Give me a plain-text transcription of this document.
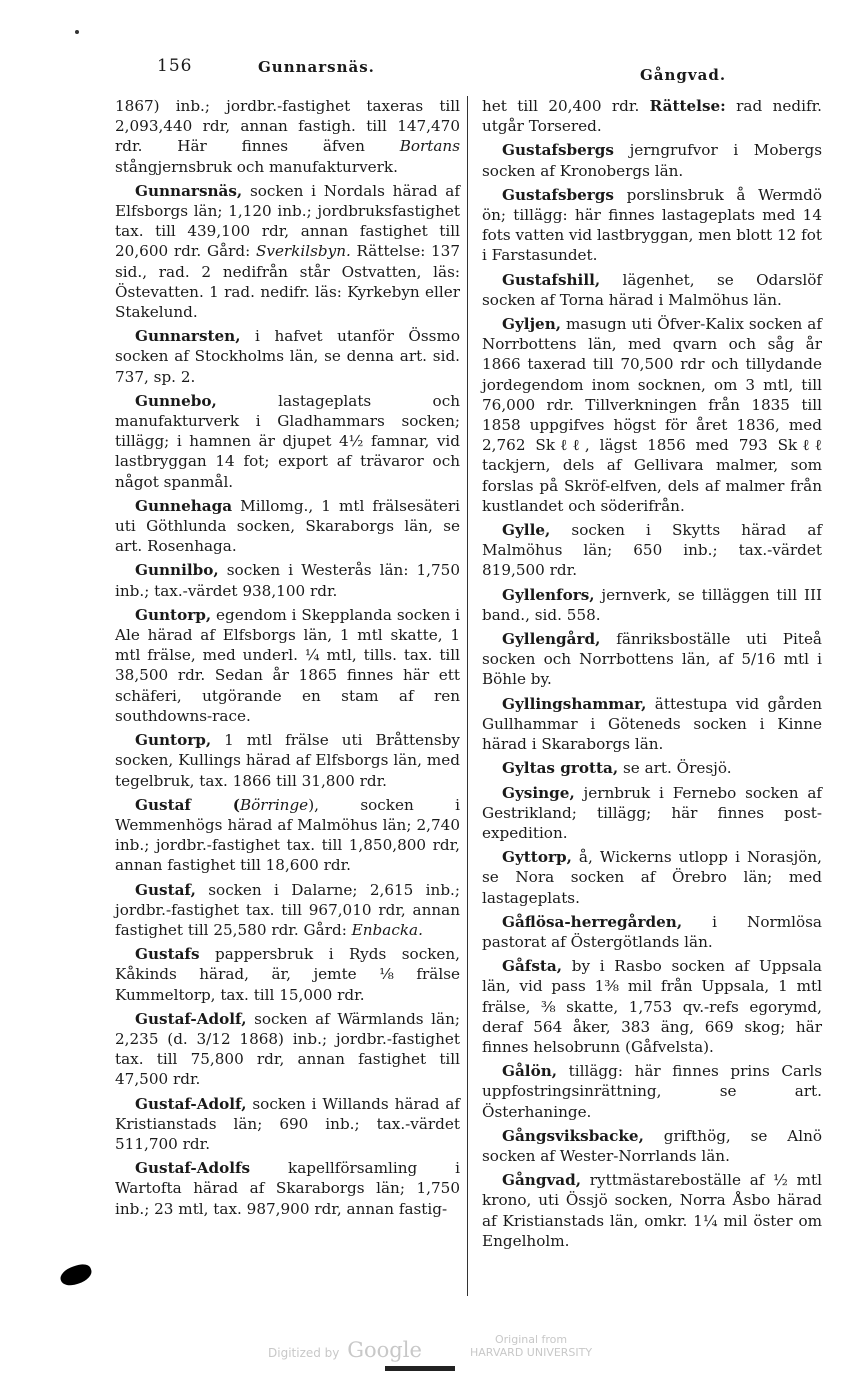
156	Gunnarsnäs.	Gångvad.

1867) inb.; jordbr.-fastighet taxeras till 2,093,440 rdr, annan fastigh. till 147,470 rdr. Här finnes äfven Bortans stångjernsbruk och manufakturverk.

Gunnarsnäs, socken i Nordals härad af Elfsborgs län; 1,120 inb.; jordbruksfastighet tax. till 439,100 rdr, annan fastighet till 20,600 rdr. Gård: Sverkilsbyn. Rättelse: 137 sid., rad. 2 nedifrån står Ostvatten, läs: Östevatten. 1 rad. nedifr. läs: Kyrkebyn eller Stakelund.

Gunnarsten, i hafvet utanför Össmo socken af Stockholms län, se denna art. sid. 737, sp. 2.

Gunnebo, lastageplats och manufakturverk i Gladhammars socken; tillägg; i hamnen är djupet 4½ famnar, vid lastbryggan 14 fot; export af trävaror och något spanmål.

Gunnehaga Millomg., 1 mtl frälsesäteri uti Göthlunda socken, Skaraborgs län, se art. Rosenhaga.

Gunnilbo, socken i Westerås län: 1,750 inb.; tax.-värdet 938,100 rdr.

Guntorp, egendom i Skepplanda socken i Ale härad af Elfsborgs län, 1 mtl skatte, 1 mtl frälse, med underl. ¼ mtl, tills. tax. till 38,500 rdr. Sedan år 1865 finnes här ett schäferi, utgörande en stam af ren southdowns-race.

Guntorp, 1 mtl frälse uti Bråttensby socken, Kullings härad af Elfsborgs län, med tegelbruk, tax. 1866 till 31,800 rdr.

Gustaf (Börringe), socken i Wemmenhögs härad af Malmöhus län; 2,740 inb.; jordbr.-fastighet tax. till 1,850,800 rdr, annan fastighet till 18,600 rdr.

Gustaf, socken i Dalarne; 2,615 inb.; jordbr.-fastighet tax. till 967,010 rdr, annan fastighet till 25,580 rdr. Gård: Enbacka.

Gustafs pappersbruk i Ryds socken, Kåkinds härad, är, jemte ⅛ frälse Kummeltorp, tax. till 15,000 rdr.

Gustaf-Adolf, socken af Wärmlands län; 2,235 (d. 3/12 1868) inb.; jordbr.-fastighet tax. till 75,800 rdr, annan fastighet till 47,500 rdr.

Gustaf-Adolf, socken i Willands härad af Kristianstads län; 690 inb.; tax.-värdet 511,700 rdr.

Gustaf-Adolfs kapellförsamling i Wartofta härad af Skaraborgs län; 1,750 inb.; 23 mtl, tax. 987,900 rdr, annan fastig-

het till 20,400 rdr. Rättelse: rad nedifr. utgår Torsered.

Gustafsbergs jerngrufvor i Mobergs socken af Kronobergs län.

Gustafsbergs porslinsbruk å Wermdö ön; tillägg: här finnes lastageplats med 14 fots vatten vid lastbryggan, men blott 12 fot i Farstasundet.

Gustafshill, lägenhet, se Odarslöf socken af Torna härad i Malmöhus län.

Gyljen, masugn uti Öfver-Kalix socken af Norrbottens län, med qvarn och såg år 1866 taxerad till 70,500 rdr och tillydande jordegendom inom socknen, om 3 mtl, till 76,000 rdr. Tillverkningen från 1835 till 1858 uppgifves högst för året 1836, med 2,762 Skℓℓ, lägst 1856 med 793 Skℓℓ tackjern, dels af Gellivara malmer, som forslas på Skröf-elfven, dels af malmer från kustlandet och söderifrån.

Gylle, socken i Skytts härad af Malmöhus län; 650 inb.; tax.-värdet 819,500 rdr.

Gyllenfors, jernverk, se tilläggen till III band., sid. 558.

Gyllengård, fänriksboställe uti Piteå socken och Norrbottens län, af 5/16 mtl i Böhle by.

Gyllingshammar, ättestupa vid gården Gullhammar i Göteneds socken i Kinne härad i Skaraborgs län.

Gyltas grotta, se art. Öresjö.

Gysinge, jernbruk i Fernebo socken af Gestrikland; tillägg; här finnes post-expedition.

Gyttorp, å, Wickerns utlopp i Norasjön, se Nora socken af Örebro län; med lastageplats.

Gåflösa-herregården, i Normlösa pastorat af Östergötlands län.

Gåfsta, by i Rasbo socken af Uppsala län, vid pass 1⅜ mil från Uppsala, 1 mtl frälse, ⅜ skatte, 1,753 qv.-refs egorymd, deraf 564 åker, 383 äng, 669 skog; här finnes helsobrunn (Gåfvelsta).

Gålön, tillägg: här finnes prins Carls uppfostringsinrättning, se art. Österhaninge.

Gångsviksbacke, grifthög, se Alnö socken af Wester-Norrlands län.

Gångvad, ryttmästareboställe af ½ mtl krono, uti Össjö socken, Norra Åsbo härad af Kristianstads län, omkr. 1¼ mil öster om Engelholm.

Digitized by Google	Original from
HARVARD UNIVERSITY
